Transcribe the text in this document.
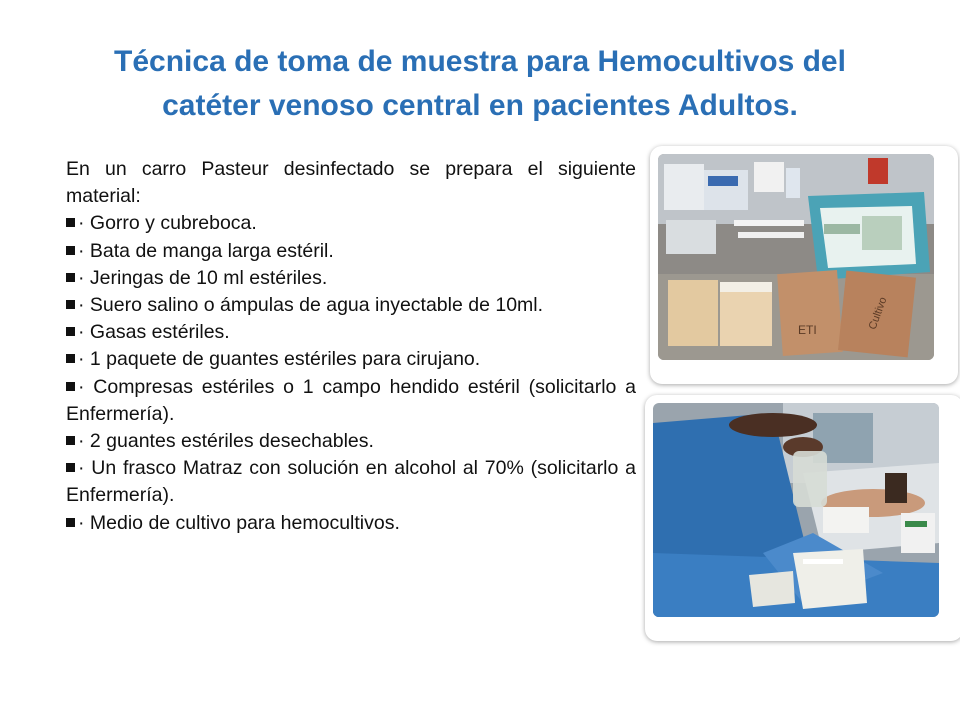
Técnica de toma de muestra para Hemocultivos del
catéter venoso central en pacientes Adultos.

En un carro Pasteur desinfectado se prepara el siguiente material:

· Gorro y cubreboca.
· Bata de manga larga estéril.
· Jeringas de 10 ml estériles.
· Suero salino o ámpulas de agua inyectable de 10ml.
· Gasas estériles.
· 1 paquete de guantes estériles para cirujano.
· Compresas estériles o 1 campo hendido estéril (solicitarlo a Enfermería).
· 2 guantes estériles desechables.
· Un frasco Matraz con solución en alcohol al 70% (solicitarlo a Enfermería).
· Medio de cultivo para hemocultivos.
ETI	Cultivo
